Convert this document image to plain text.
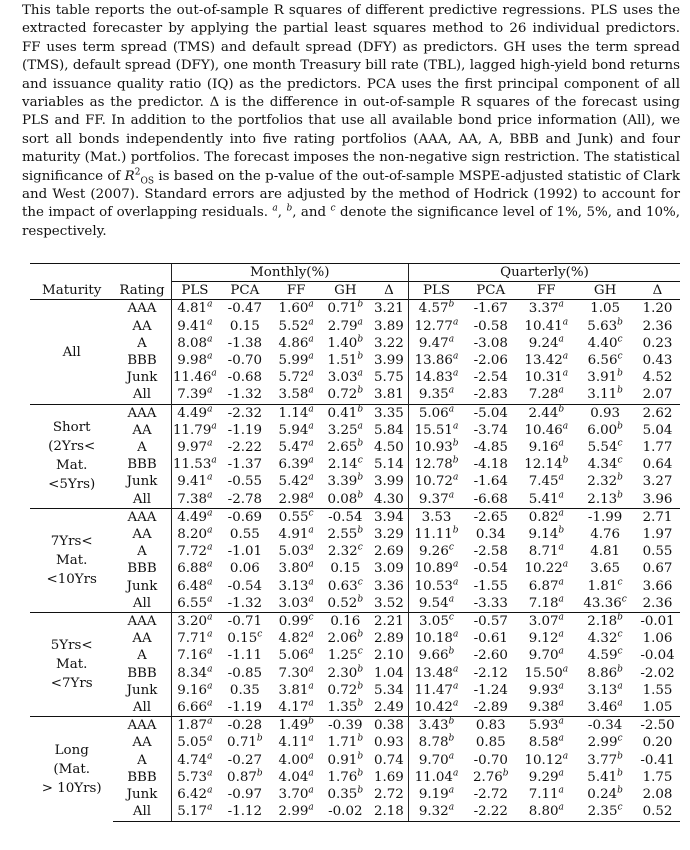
This table reports the out-of-sample R squares of different predictive regressions. PLS uses the extracted forecaster by applying the partial least squares method to 26 individual predictors. FF uses term spread (TMS) and default spread (DFY) as predictors. GH uses the term spread (TMS), default spread (DFY), one month Treasury bill rate (TBL), lagged high-yield bond returns and issuance quality ratio (IQ) as the predictors. PCA uses the first principal component of all variables as the predictor. Δ is the difference in out-of-sample R squares of the forecast using PLS and FF. In addition to the portfolios that use all available bond price information (All), we sort all bonds independently into five rating portfolios (AAA, AA, A, BBB and Junk) and four maturity (Mat.) portfolios. The forecast imposes the non-negative sign restriction. The statistical significance of $R^2_{OS}$ is based on the p-value of the out-of-sample MSPE-adjusted statistic of Clark and West (2007). Standard errors are adjusted by the method of Hodrick (1992) to account for the impact of overlapping residuals. $^a$, $^b$, and $^c$ denote the significance level of 1%, 5%, and 10%, respectively.
		Monthly(%)					Quarterly(%)				
Maturity	Rating	PLS	PCA	FF	GH	Δ	PLS	PCA	FF	GH	Δ

All	AAA	4.81$^a$	-0.47	1.60$^a$	0.71$^b$	3.21	4.57$^b$	-1.67	3.37$^a$	1.05	1.20
	AA	9.41$^a$	0.15	5.52$^a$	2.79$^a$	3.89	12.77$^a$	-0.58	10.41$^a$	5.63$^b$	2.36
	A	8.08$^a$	-1.38	4.86$^a$	1.40$^b$	3.22	9.47$^a$	-3.08	9.24$^a$	4.40$^c$	0.23
	BBB	9.98$^a$	-0.70	5.99$^a$	1.51$^b$	3.99	13.86$^a$	-2.06	13.42$^a$	6.56$^c$	0.43
	Junk	11.46$^a$	-0.68	5.72$^a$	3.03$^a$	5.75	14.83$^a$	-2.54	10.31$^a$	3.91$^b$	4.52
	All	7.39$^a$	-1.32	3.58$^a$	0.72$^b$	3.81	9.35$^a$	-2.83	7.28$^a$	3.11$^b$	2.07

Short
(2Yrs<
Mat.
<5Yrs)	AAA	4.49$^a$	-2.32	1.14$^a$	0.41$^b$	3.35	5.06$^a$	-5.04	2.44$^b$	0.93	2.62
	AA	11.79$^a$	-1.19	5.94$^a$	3.25$^a$	5.84	15.51$^a$	-3.74	10.46$^a$	6.00$^b$	5.04
	A	9.97$^a$	-2.22	5.47$^a$	2.65$^b$	4.50	10.93$^b$	-4.85	9.16$^a$	5.54$^c$	1.77
	BBB	11.53$^a$	-1.37	6.39$^a$	2.14$^c$	5.14	12.78$^b$	-4.18	12.14$^b$	4.34$^c$	0.64
	Junk	9.41$^a$	-0.55	5.42$^a$	3.39$^b$	3.99	10.72$^a$	-1.64	7.45$^a$	2.32$^b$	3.27
	All	7.38$^a$	-2.78	2.98$^a$	0.08$^b$	4.30	9.37$^a$	-6.68	5.41$^a$	2.13$^b$	3.96

7Yrs<
Mat.
<10Yrs	AAA	4.49$^a$	-0.69	0.55$^c$	-0.54	3.94	3.53	-2.65	0.82$^a$	-1.99	2.71
	AA	8.20$^a$	0.55	4.91$^a$	2.55$^b$	3.29	11.11$^b$	0.34	9.14$^b$	4.76	1.97
	A	7.72$^a$	-1.01	5.03$^a$	2.32$^c$	2.69	9.26$^c$	-2.58	8.71$^a$	4.81	0.55
	BBB	6.88$^a$	0.06	3.80$^a$	0.15	3.09	10.89$^a$	-0.54	10.22$^a$	3.65	0.67
	Junk	6.48$^a$	-0.54	3.13$^a$	0.63$^c$	3.36	10.53$^a$	-1.55	6.87$^a$	1.81$^c$	3.66
	All	6.55$^a$	-1.32	3.03$^a$	0.52$^b$	3.52	9.54$^a$	-3.33	7.18$^a$	43.36$^c$	2.36

5Yrs<
Mat.
<7Yrs	AAA	3.20$^a$	-0.71	0.99$^c$	0.16	2.21	3.05$^c$	-0.57	3.07$^a$	2.18$^b$	-0.01
	AA	7.71$^a$	0.15$^c$	4.82$^a$	2.06$^b$	2.89	10.18$^a$	-0.61	9.12$^a$	4.32$^c$	1.06
	A	7.16$^a$	-1.11	5.06$^a$	1.25$^c$	2.10	9.66$^b$	-2.60	9.70$^a$	4.59$^c$	-0.04
	BBB	8.34$^a$	-0.85	7.30$^a$	2.30$^b$	1.04	13.48$^a$	-2.12	15.50$^a$	8.86$^b$	-2.02
	Junk	9.16$^a$	0.35	3.81$^a$	0.72$^b$	5.34	11.47$^a$	-1.24	9.93$^a$	3.13$^a$	1.55
	All	6.66$^a$	-1.19	4.17$^a$	1.35$^b$	2.49	10.42$^a$	-2.89	9.38$^a$	3.46$^a$	1.05

Long
(Mat.
> 10Yrs)	AAA	1.87$^a$	-0.28	1.49$^b$	-0.39	0.38	3.43$^b$	0.83	5.93$^a$	-0.34	-2.50
	AA	5.05$^a$	0.71$^b$	4.11$^a$	1.71$^b$	0.93	8.78$^b$	0.85	8.58$^a$	2.99$^c$	0.20
	A	4.74$^a$	-0.27	4.00$^a$	0.91$^b$	0.74	9.70$^a$	-0.70	10.12$^a$	3.77$^b$	-0.41
	BBB	5.73$^a$	0.87$^b$	4.04$^a$	1.76$^b$	1.69	11.04$^a$	2.76$^b$	9.29$^a$	5.41$^b$	1.75
	Junk	6.42$^a$	-0.97	3.70$^a$	0.35$^b$	2.72	9.19$^a$	-2.72	7.11$^a$	0.24$^b$	2.08
	All	5.17$^a$	-1.12	2.99$^a$	-0.02	2.18	9.32$^a$	-2.22	8.80$^a$	2.35$^c$	0.52
